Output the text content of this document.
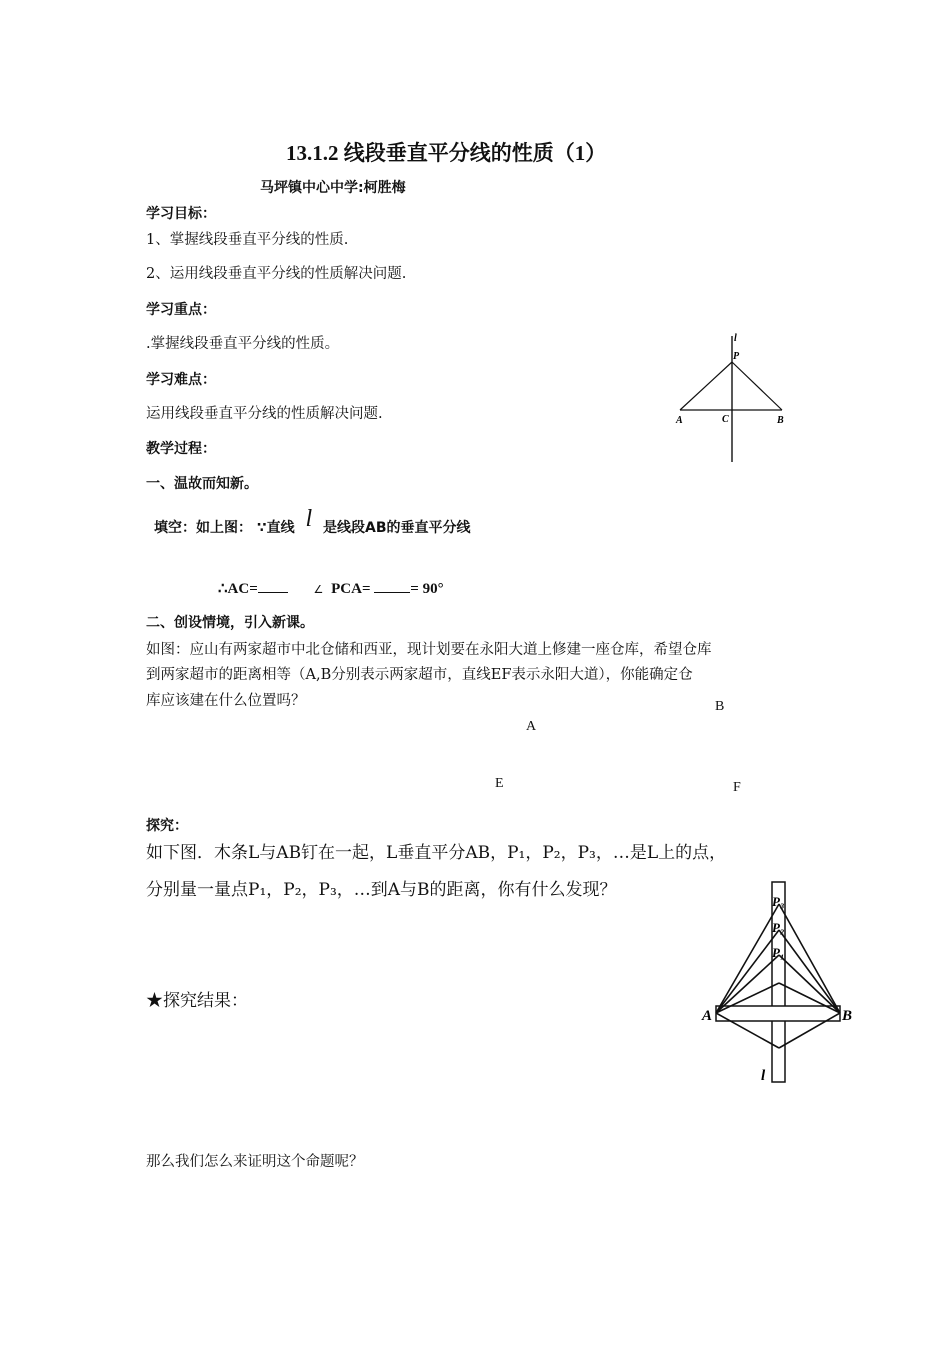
13.1.2 线段垂直平分线的性质（1）
马坪镇中心中学:柯胜梅
学习目标：
1、掌握线段垂直平分线的性质.
2、运用线段垂直平分线的性质解决问题.
学习重点：
.掌握线段垂直平分线的性质。
学习难点：
运用线段垂直平分线的性质解决问题.
教学过程：
一、温故而知新。
填空：如上图： ∵直线 l 是线段AB的垂直平分线
∴AC=	∠ PCA=	= 90°
二、创设情境，引入新课。
如图：应山有两家超市中北仓储和西亚，现计划要在永阳大道上修建一座仓库，希望仓库
到两家超市的距离相等（A,B分别表示两家超市，直线EF表示永阳大道），你能确定仓
库应该建在什么位置吗？	B
A
E	F
探究：
如下图．木条L与AB钉在一起，L垂直平分AB，P₁，P₂，P₃，…是L上的点，
分别量一量点P₁，P₂，P₃，…到A与B的距离，你有什么发现？
★探究结果：
那么我们怎么来证明这个命题呢？
l
P
A	C	B
P₃
P₂
P₁
A	B
l
